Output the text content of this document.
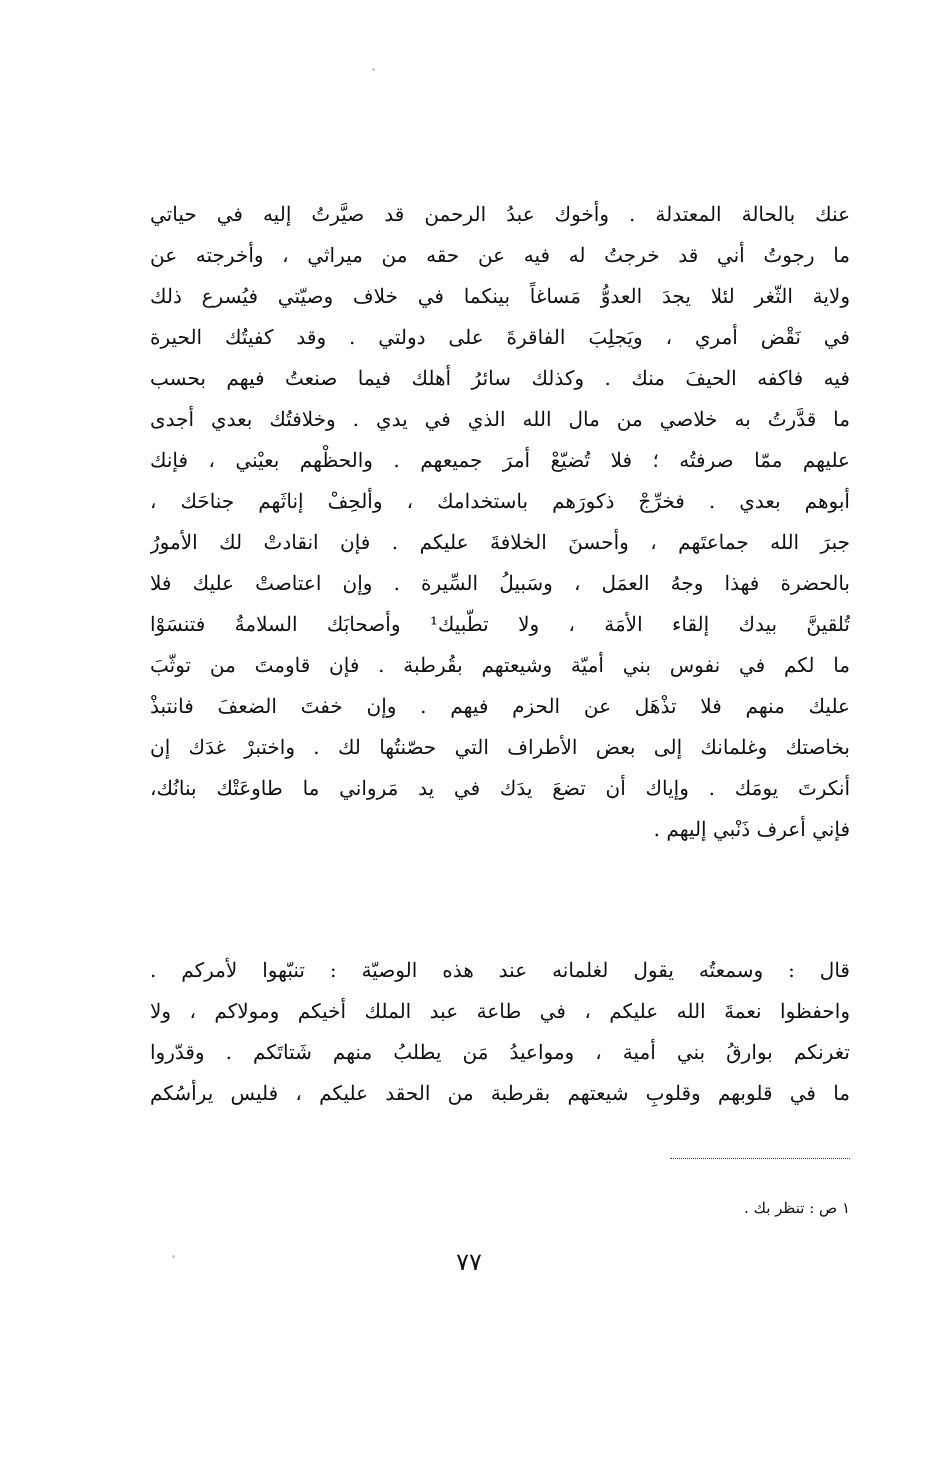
عنك بالحالة المعتدلة . وأخوك عبدُ الرحمن قد صيَّرتُ إليه في حياتي
ما رجوتُ أني قد خرجتُ له فيه عن حقه من ميراثي ، وأخرجته عن
ولاية الثّغر لئلا يجدَ العدوُّ مَساغاً بينكما في خلاف وصيّتي فيُسرع ذلك
في نَقْض أمري ، ويَجلِبَ الفاقرةَ على دولتي . وقد كفيتُك الحيرة
فيه فاكفه الحيفَ منك . وكذلك سائرُ أهلك فيما صنعتُ فيهم بحسب
ما قدَّرتُ به خلاصي من مال الله الذي في يدي . وخلافتُك بعدي أجدى
عليهم ممّا صرفتُه ؛ فلا تُضيّعْ أمرَ جميعهم . والحظْهم بعيْني ، فإنك
أبوهم بعدي . فخرِّجْ ذكورَهم باستخدامك ، وألحِفْ إناثَهم جناحَك ،
جبرَ الله جماعتَهم ، وأحسنَ الخلافةَ عليكم . فإن انقادتْ لك الأمورُ
بالحضرة فهذا وجهُ العمَل ، وسَبيلُ السِّيرة . وإن اعتاصتْ عليك فلا
تُلقينَّ بيدك إلقاء الأمَة ، ولا تطّبيك¹ وأصحابَك السلامةُ فتنسَوْا
ما لكم في نفوس بني أميّة وشيعتهم بقُرطبة . فإن قاومتَ من توثّبَ
عليك منهم فلا تذْهَل عن الحزم فيهم . وإن خفتَ الضعفَ فانتبذْ
بخاصتك وغلمانك إلى بعض الأطراف التي حصّنتُها لك . واختبرْ غدَك إن
أنكرتَ يومَك . وإياك أن تضعَ يدَك في يد مَرواني ما طاوعَتْك بنانُك،
فإني أعرف ذَنْبي إليهم .
قال : وسمعتُه يقول لغلمانه عند هذه الوصيّة : تنبّهوا لأمركم .
واحفظوا نعمةَ الله عليكم ، في طاعة عبد الملك أخيكم ومولاكم ، ولا
تغرنكم بوارقُ بني أمية ، ومواعيدُ مَن يطلبُ منهم شَتاتَكم . وقدّروا
ما في قلوبهم وقلوبِ شيعتهم بقرطبة من الحقد عليكم ، فليس يرأسُكم
١ ص : تنظر بك .
٧٧
